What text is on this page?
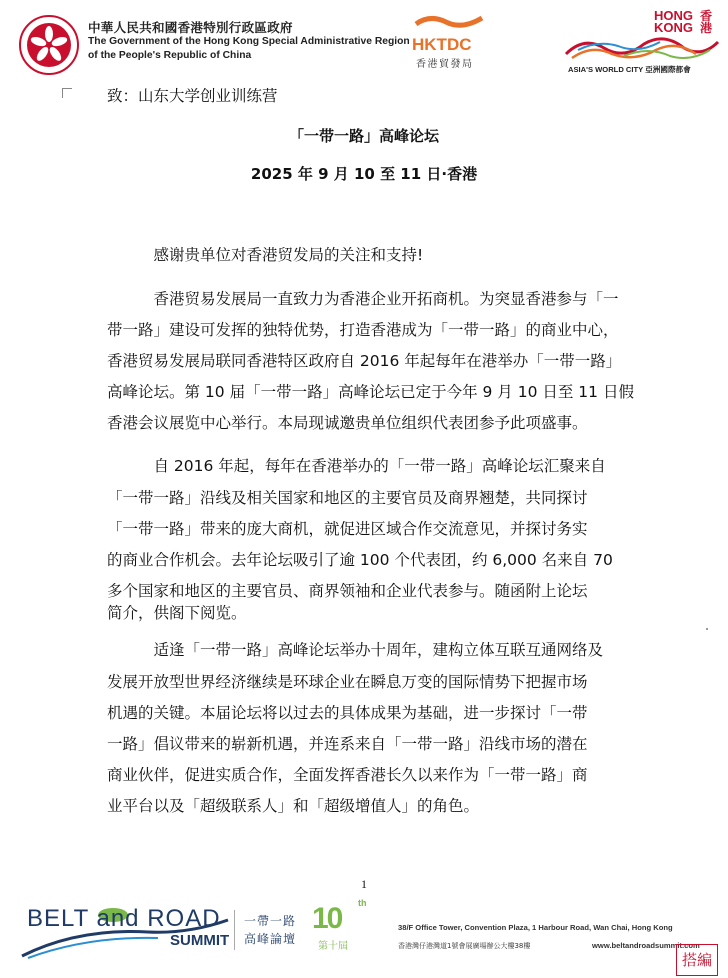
中華人民共和國香港特別行政區政府
The Government of the Hong Kong Special Administrative Region
of the People's Republic of China
HKTDC
香港貿發局
HONG
KONG
香港
ASIA'S WORLD CITY 亞洲國際都會
致：山东大学创业训练营
「一带一路」高峰论坛
2025 年 9 月 10 至 11 日·香港
　　　感谢贵单位对香港贸发局的关注和支持!
　　　香港贸易发展局一直致力为香港企业开拓商机。为突显香港参与「一
带一路」建设可发挥的独特优势，打造香港成为「一带一路」的商业中心，
香港贸易发展局联同香港特区政府自 2016 年起每年在港举办「一带一路」
高峰论坛。第 10 届「一带一路」高峰论坛已定于今年 9 月 10 日至 11 日假
香港会议展览中心举行。本局现诚邀贵单位组织代表团参予此项盛事。
　　　自 2016 年起，每年在香港举办的「一带一路」高峰论坛汇聚来自
「一带一路」沿线及相关国家和地区的主要官员及商界翘楚，共同探讨
「一带一路」带来的庞大商机，就促进区域合作交流意见，并探讨务实
的商业合作机会。去年论坛吸引了逾 100 个代表团，约 6,000 名来自 70
多个国家和地区的主要官员、商界领袖和企业代表参与。随函附上论坛
简介，供阁下阅览。
　　　适逢「一带一路」高峰论坛举办十周年，建构立体互联互通网络及
发展开放型世界经济继续是环球企业在瞬息万变的国际情势下把握市场
机遇的关键。本届论坛将以过去的具体成果为基础，进一步探讨「一带
一路」倡议带来的崭新机遇，并连系来自「一带一路」沿线市场的潜在
商业伙伴，促进实质合作，全面发挥香港长久以来作为「一带一路」商
业平台以及「超级联系人」和「超级增值人」的角色。
1
BELT and ROAD
SUMMIT
一帶一路
高峰論壇
10 th
第十屆
38/F Office Tower, Convention Plaza, 1 Harbour Road, Wan Chai, Hong Kong
香港灣仔港灣道1號會展廣場辦公大樓38樓	www.beltandroadsummit.com
搭編
